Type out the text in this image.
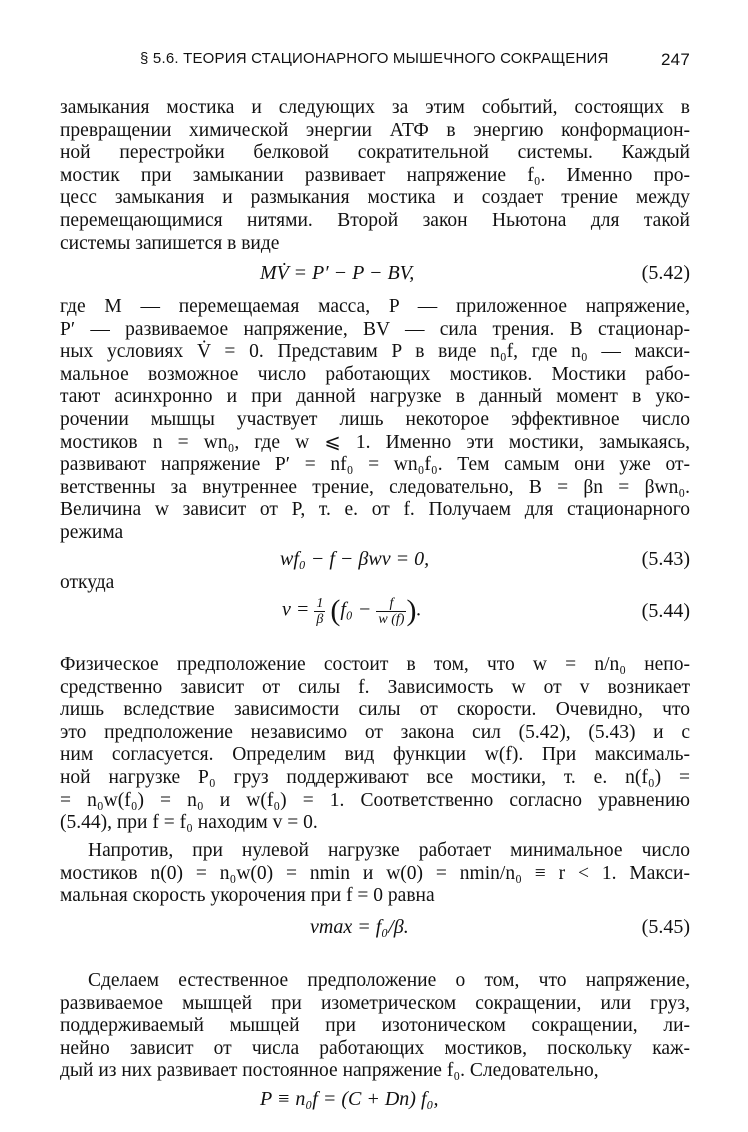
§ 5.6. ТЕОРИЯ СТАЦИОНАРНОГО МЫШЕЧНОГО СОКРАЩЕНИЯ	247
замыкания мостика и следующих за этим событий, состоящих в
превращении химической энергии АТФ в энергию конформацион-
ной перестройки белковой сократительной системы. Каждый
мостик при замыкании развивает напряжение f₀. Именно про-
цесс замыкания и размыкания мостика и создает трение между
перемещающимися нитями. Второй закон Ньютона для такой
системы запишется в виде
MV̇ = P′ − P − BV,	(5.42)
где M — перемещаемая масса, P — приложенное напряжение,
P′ — развиваемое напряжение, BV — сила трения. В стационар-
ных условиях V̇ = 0. Представим P в виде n₀f, где n₀ — макси-
мальное возможное число работающих мостиков. Мостики рабо-
тают асинхронно и при данной нагрузке в данный момент в уко-
рочении мышцы участвует лишь некоторое эффективное число
мостиков n = wn₀, где w ⩽ 1. Именно эти мостики, замыкаясь,
развивают напряжение P′ = nf₀ = wn₀f₀. Тем самым они уже от-
ветственны за внутреннее трение, следовательно, B = βn = βwn₀.
Величина w зависит от P, т. е. от f. Получаем для стационарного
режима
wf₀ − f − βwv = 0,	(5.43)
откуда
$v = \frac{1}{\beta} (f_0 - \frac{f}{w (f)}$ ).	(5.44)
Физическое предположение состоит в том, что w = n/n₀ непо-
средственно зависит от силы f. Зависимость w от v возникает
лишь вследствие зависимости силы от скорости. Очевидно, что
это предположение независимо от закона сил (5.42), (5.43) и с
ним согласуется. Определим вид функции w(f). При максималь-
ной нагрузке P₀ груз поддерживают все мостики, т. е. n(f₀) =
= n₀w(f₀) = n₀ и w(f₀) = 1. Соответственно согласно уравнению
(5.44), при f = f₀ находим v = 0.
Напротив, при нулевой нагрузке работает минимальное число
мостиков n(0) = n₀w(0) = nmin и w(0) = nmin/n₀ ≡ r < 1. Макси-
мальная скорость укорочения при f = 0 равна
vmax = f₀/β.	(5.45)
Сделаем естественное предположение о том, что напряжение,
развиваемое мышцей при изометрическом сокращении, или груз,
поддерживаемый мышцей при изотоническом сокращении, ли-
нейно зависит от числа работающих мостиков, поскольку каж-
дый из них развивает постоянное напряжение f₀. Следовательно,
P ≡ n₀f = (C + Dn) f₀,
